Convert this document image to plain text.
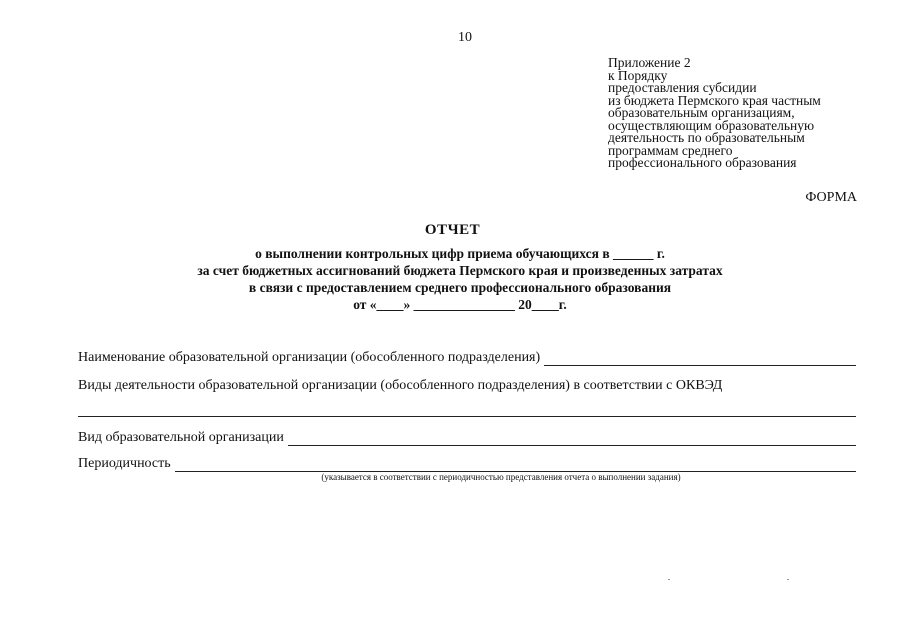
10
Приложение 2
к Порядку
предоставления субсидии
из бюджета Пермского края частным
образовательным организациям,
осуществляющим образовательную
деятельность по образовательным
программам среднего
профессионального образования
ФОРМА
ОТЧЕТ
о выполнении контрольных цифр приема обучающихся в ______ г.
за счет бюджетных ассигнований бюджета Пермского края и произведенных затратах
в связи с предоставлением среднего профессионального образования
от «____» _______________ 20____г.
Наименование образовательной организации (обособленного подразделения)
Виды деятельности образовательной организации (обособленного подразделения) в соответствии с ОКВЭД
Вид образовательной организации
Периодичность
(указывается в соответствии с периодичностью представления отчета о выполнении задания)
